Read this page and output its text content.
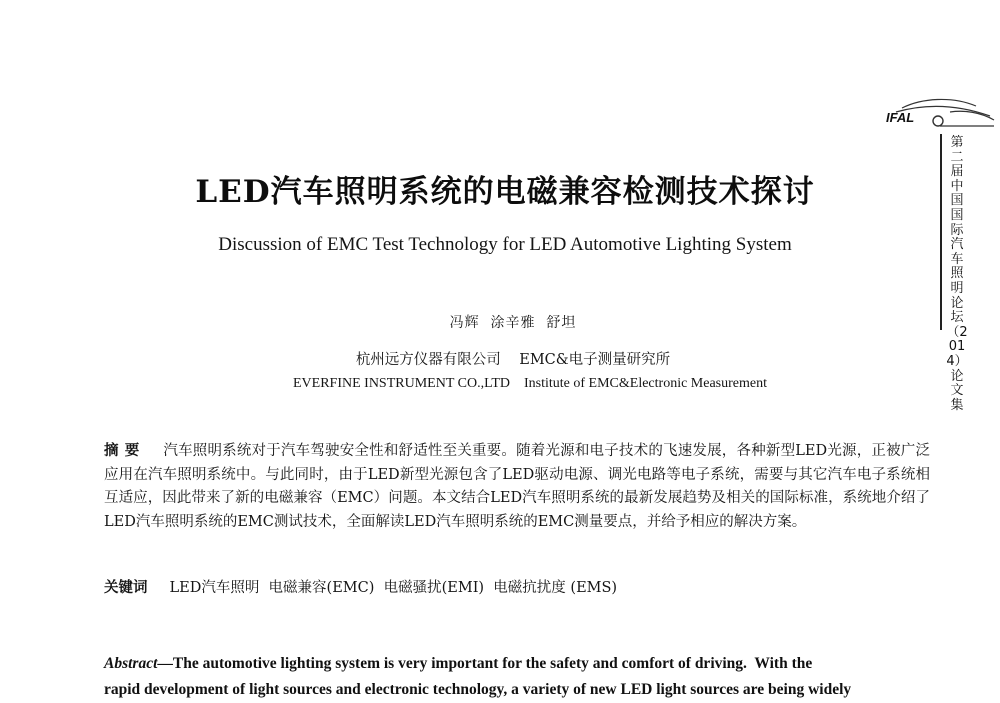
IFAL
第二届中国国际汽车照明论坛（2014）论文集
LED汽车照明系统的电磁兼容检测技术探讨
Discussion of EMC Test Technology for LED Automotive Lighting System
冯辉  涂辛雅  舒坦
杭州远方仪器有限公司    EMC&电子测量研究所
EVERFINE INSTRUMENT CO.,LTD    Institute of EMC&Electronic Measurement
摘要 汽车照明系统对于汽车驾驶安全性和舒适性至关重要。随着光源和电子技术的飞速发展，各种新型LED光源，正被广泛应用在汽车照明系统中。与此同时，由于LED新型光源包含了LED驱动电源、调光电路等电子系统，需要与其它汽车电子系统相互适应，因此带来了新的电磁兼容（EMC）问题。本文结合LED汽车照明系统的最新发展趋势及相关的国际标准，系统地介绍了LED汽车照明系统的EMC测试技术，全面解读LED汽车照明系统的EMC测量要点，并给予相应的解决方案。
关键词 LED汽车照明  电磁兼容(EMC)  电磁骚扰(EMI)  电磁抗扰度 (EMS)
Abstract—The automotive lighting system is very important for the safety and comfort of driving.  With the
rapid development of light sources and electronic technology, a variety of new LED light sources are being widely
